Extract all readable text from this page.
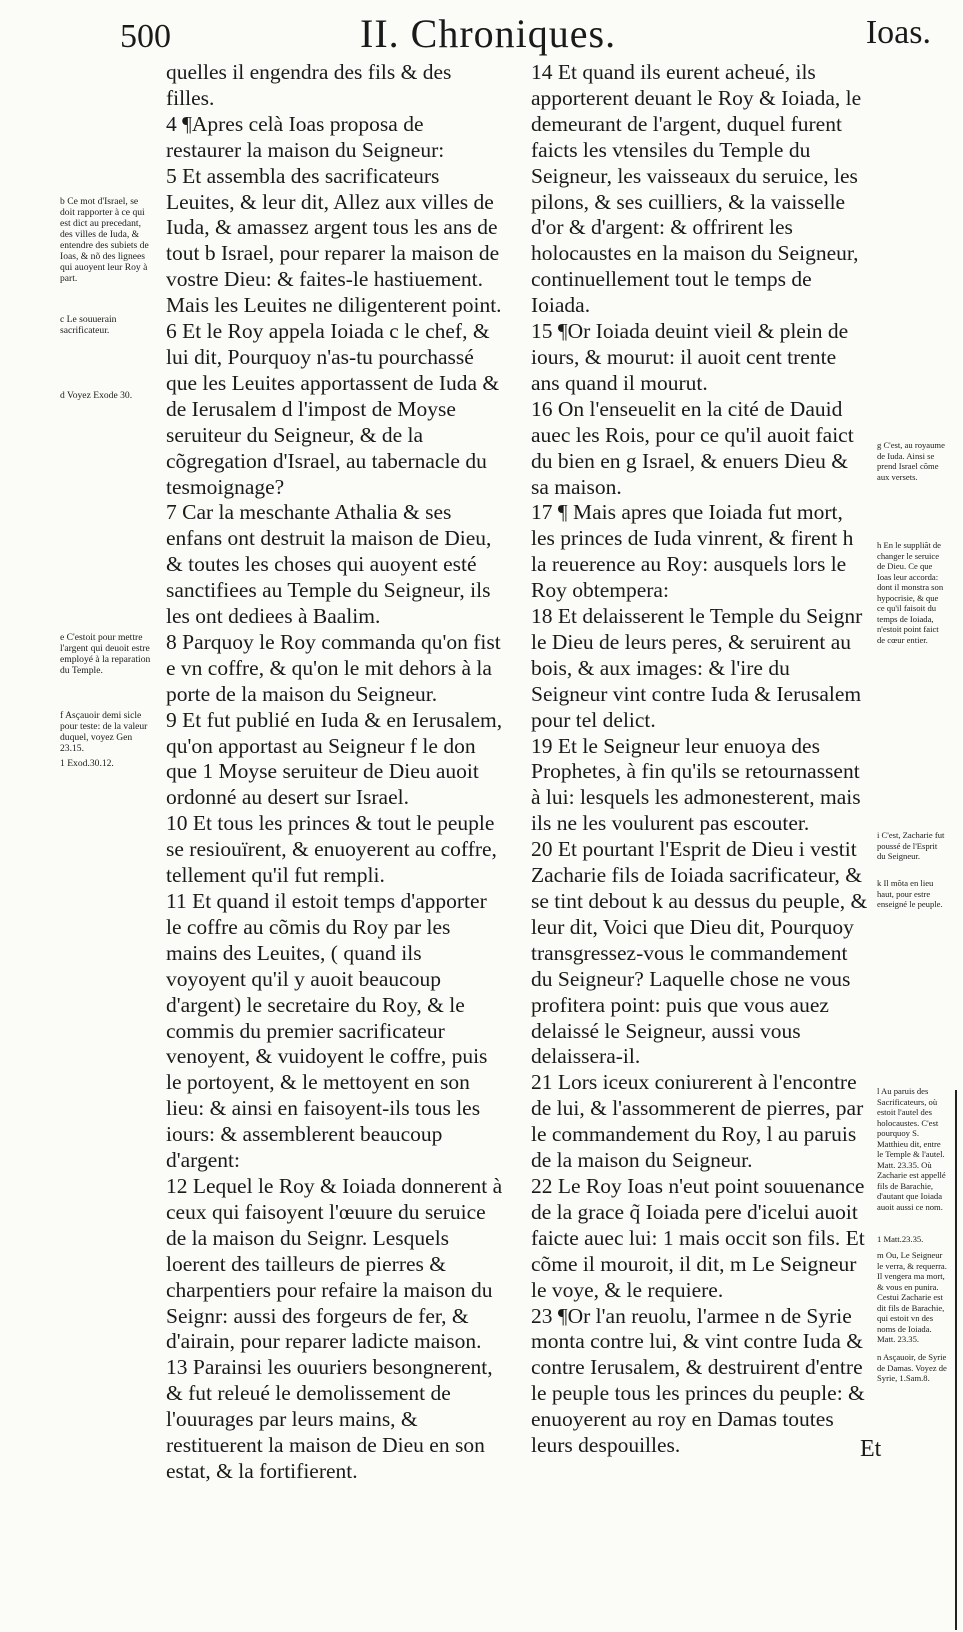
500	II. Chroniques.	Ioas.

quelles il engendra des fils & des filles.

4 ¶Apres celà Ioas proposa de restaurer la maison du Seigneur:

5 Et assembla des sacrificateurs Leuites, & leur dit, Allez aux villes de Iuda, & amassez argent tous les ans de tout b Israel, pour reparer la maison de vostre Dieu: & faites-le hastiuement. Mais les Leuites ne diligenterent point.

6 Et le Roy appela Ioiada c le chef, & lui dit, Pourquoy n'as-tu pourchassé que les Leuites apportassent de Iuda & de Ierusalem d l'impost de Moyse seruiteur du Seigneur, & de la cõgregation d'Israel, au tabernacle du tesmoignage?

7 Car la meschante Athalia & ses enfans ont destruit la maison de Dieu, & toutes les choses qui auoyent esté sanctifiees au Temple du Seigneur, ils les ont dediees à Baalim.

8 Parquoy le Roy commanda qu'on fist e vn coffre, & qu'on le mit dehors à la porte de la maison du Seigneur.

9 Et fut publié en Iuda & en Ierusalem, qu'on apportast au Seigneur f le don que 1 Moyse seruiteur de Dieu auoit ordonné au desert sur Israel.

10 Et tous les princes & tout le peuple se resiouïrent, & enuoyerent au coffre, tellement qu'il fut rempli.

11 Et quand il estoit temps d'apporter le coffre au cõmis du Roy par les mains des Leuites, ( quand ils voyoyent qu'il y auoit beaucoup d'argent) le secretaire du Roy, & le commis du premier sacrificateur venoyent, & vuidoyent le coffre, puis le portoyent, & le mettoyent en son lieu: & ainsi en faisoyent-ils tous les iours: & assemblerent beaucoup d'argent:

12 Lequel le Roy & Ioiada donnerent à ceux qui faisoyent l'œuure du seruice de la maison du Seignr. Lesquels loerent des tailleurs de pierres & charpentiers pour refaire la maison du Seignr: aussi des forgeurs de fer, & d'airain, pour reparer ladicte maison.

13 Parainsi les ouuriers besongnerent, & fut releué le demolissement de l'ouurages par leurs mains, & restituerent la maison de Dieu en son estat, & la fortifierent.

14 Et quand ils eurent acheué, ils apporterent deuant le Roy & Ioiada, le demeurant de l'argent, duquel furent faicts les vtensiles du Temple du Seigneur, les vaisseaux du seruice, les pilons, & ses cuilliers, & la vaisselle d'or & d'argent: & offrirent les holocaustes en la maison du Seigneur, continuellement tout le temps de Ioiada.

15 ¶Or Ioiada deuint vieil & plein de iours, & mourut: il auoit cent trente ans quand il mourut.

16 On l'enseuelit en la cité de Dauid auec les Rois, pour ce qu'il auoit faict du bien en g Israel, & enuers Dieu & sa maison.

17 ¶ Mais apres que Ioiada fut mort, les princes de Iuda vinrent, & firent h la reuerence au Roy: ausquels lors le Roy obtempera:

18 Et delaisserent le Temple du Seignr le Dieu de leurs peres, & seruirent au bois, & aux images: & l'ire du Seigneur vint contre Iuda & Ierusalem pour tel delict.

19 Et le Seigneur leur enuoya des Prophetes, à fin qu'ils se retournassent à lui: lesquels les admonesterent, mais ils ne les voulurent pas escouter.

20 Et pourtant l'Esprit de Dieu i vestit Zacharie fils de Ioiada sacrificateur, & se tint debout k au dessus du peuple, & leur dit, Voici que Dieu dit, Pourquoy transgressez-vous le commandement du Seigneur? Laquelle chose ne vous profitera point: puis que vous auez delaissé le Seigneur, aussi vous delaissera-il.

21 Lors iceux coniurerent à l'encontre de lui, & l'assommerent de pierres, par le commandement du Roy, l au paruis de la maison du Seigneur.

22 Le Roy Ioas n'eut point souuenance de la grace q̃ Ioiada pere d'icelui auoit faicte auec lui: 1 mais occit son fils. Et cõme il mouroit, il dit, m Le Seigneur le voye, & le requiere.

23 ¶Or l'an reuolu, l'armee n de Syrie monta contre lui, & vint contre Iuda & contre Ierusalem, & destruirent d'entre le peuple tous les princes du peuple: & enuoyerent au roy en Damas toutes leurs despouilles.

b Ce mot d'Israel, se doit rapporter à ce qui est dict au precedant, des villes de Iuda, & entendre des subiets de Ioas, & nõ des lignees qui auoyent leur Roy à part.

c Le souuerain sacrificateur.

d Voyez Exode 30.

e C'estoit pour mettre l'argent qui deuoit estre employé à la reparation du Temple.

f Asçauoir demi sicle pour teste: de la valeur duquel, voyez Gen 23.15.

1 Exod.30.12.

g C'est, au royaume de Iuda. Ainsi se prend Israel cõme aux versets.

h En le suppliãt de changer le seruice de Dieu. Ce que Ioas leur accorda: dont il monstra son hypocrisie, & que ce qu'il faisoit du temps de Ioiada, n'estoit point faict de cœur entier.

i C'est, Zacharie fut poussé de l'Esprit du Seigneur.

k Il mõta en lieu haut, pour estre enseigné le peuple.

l Au paruis des Sacrificateurs, où estoit l'autel des holocaustes. C'est pourquoy S. Matthieu dit, entre le Temple & l'autel. Matt. 23.35. Où Zacharie est appellé fils de Barachie, d'autant que Ioiada auoit aussi ce nom.

1 Matt.23.35.

m Ou, Le Seigneur le verra, & requerra. Il vengera ma mort, & vous en punira. Cestui Zacharie est dit fils de Barachie, qui estoit vn des noms de Ioiada. Matt. 23.35.

n Asçauoir, de Syrie de Damas. Voyez de Syrie, 1.Sam.8.

Et
